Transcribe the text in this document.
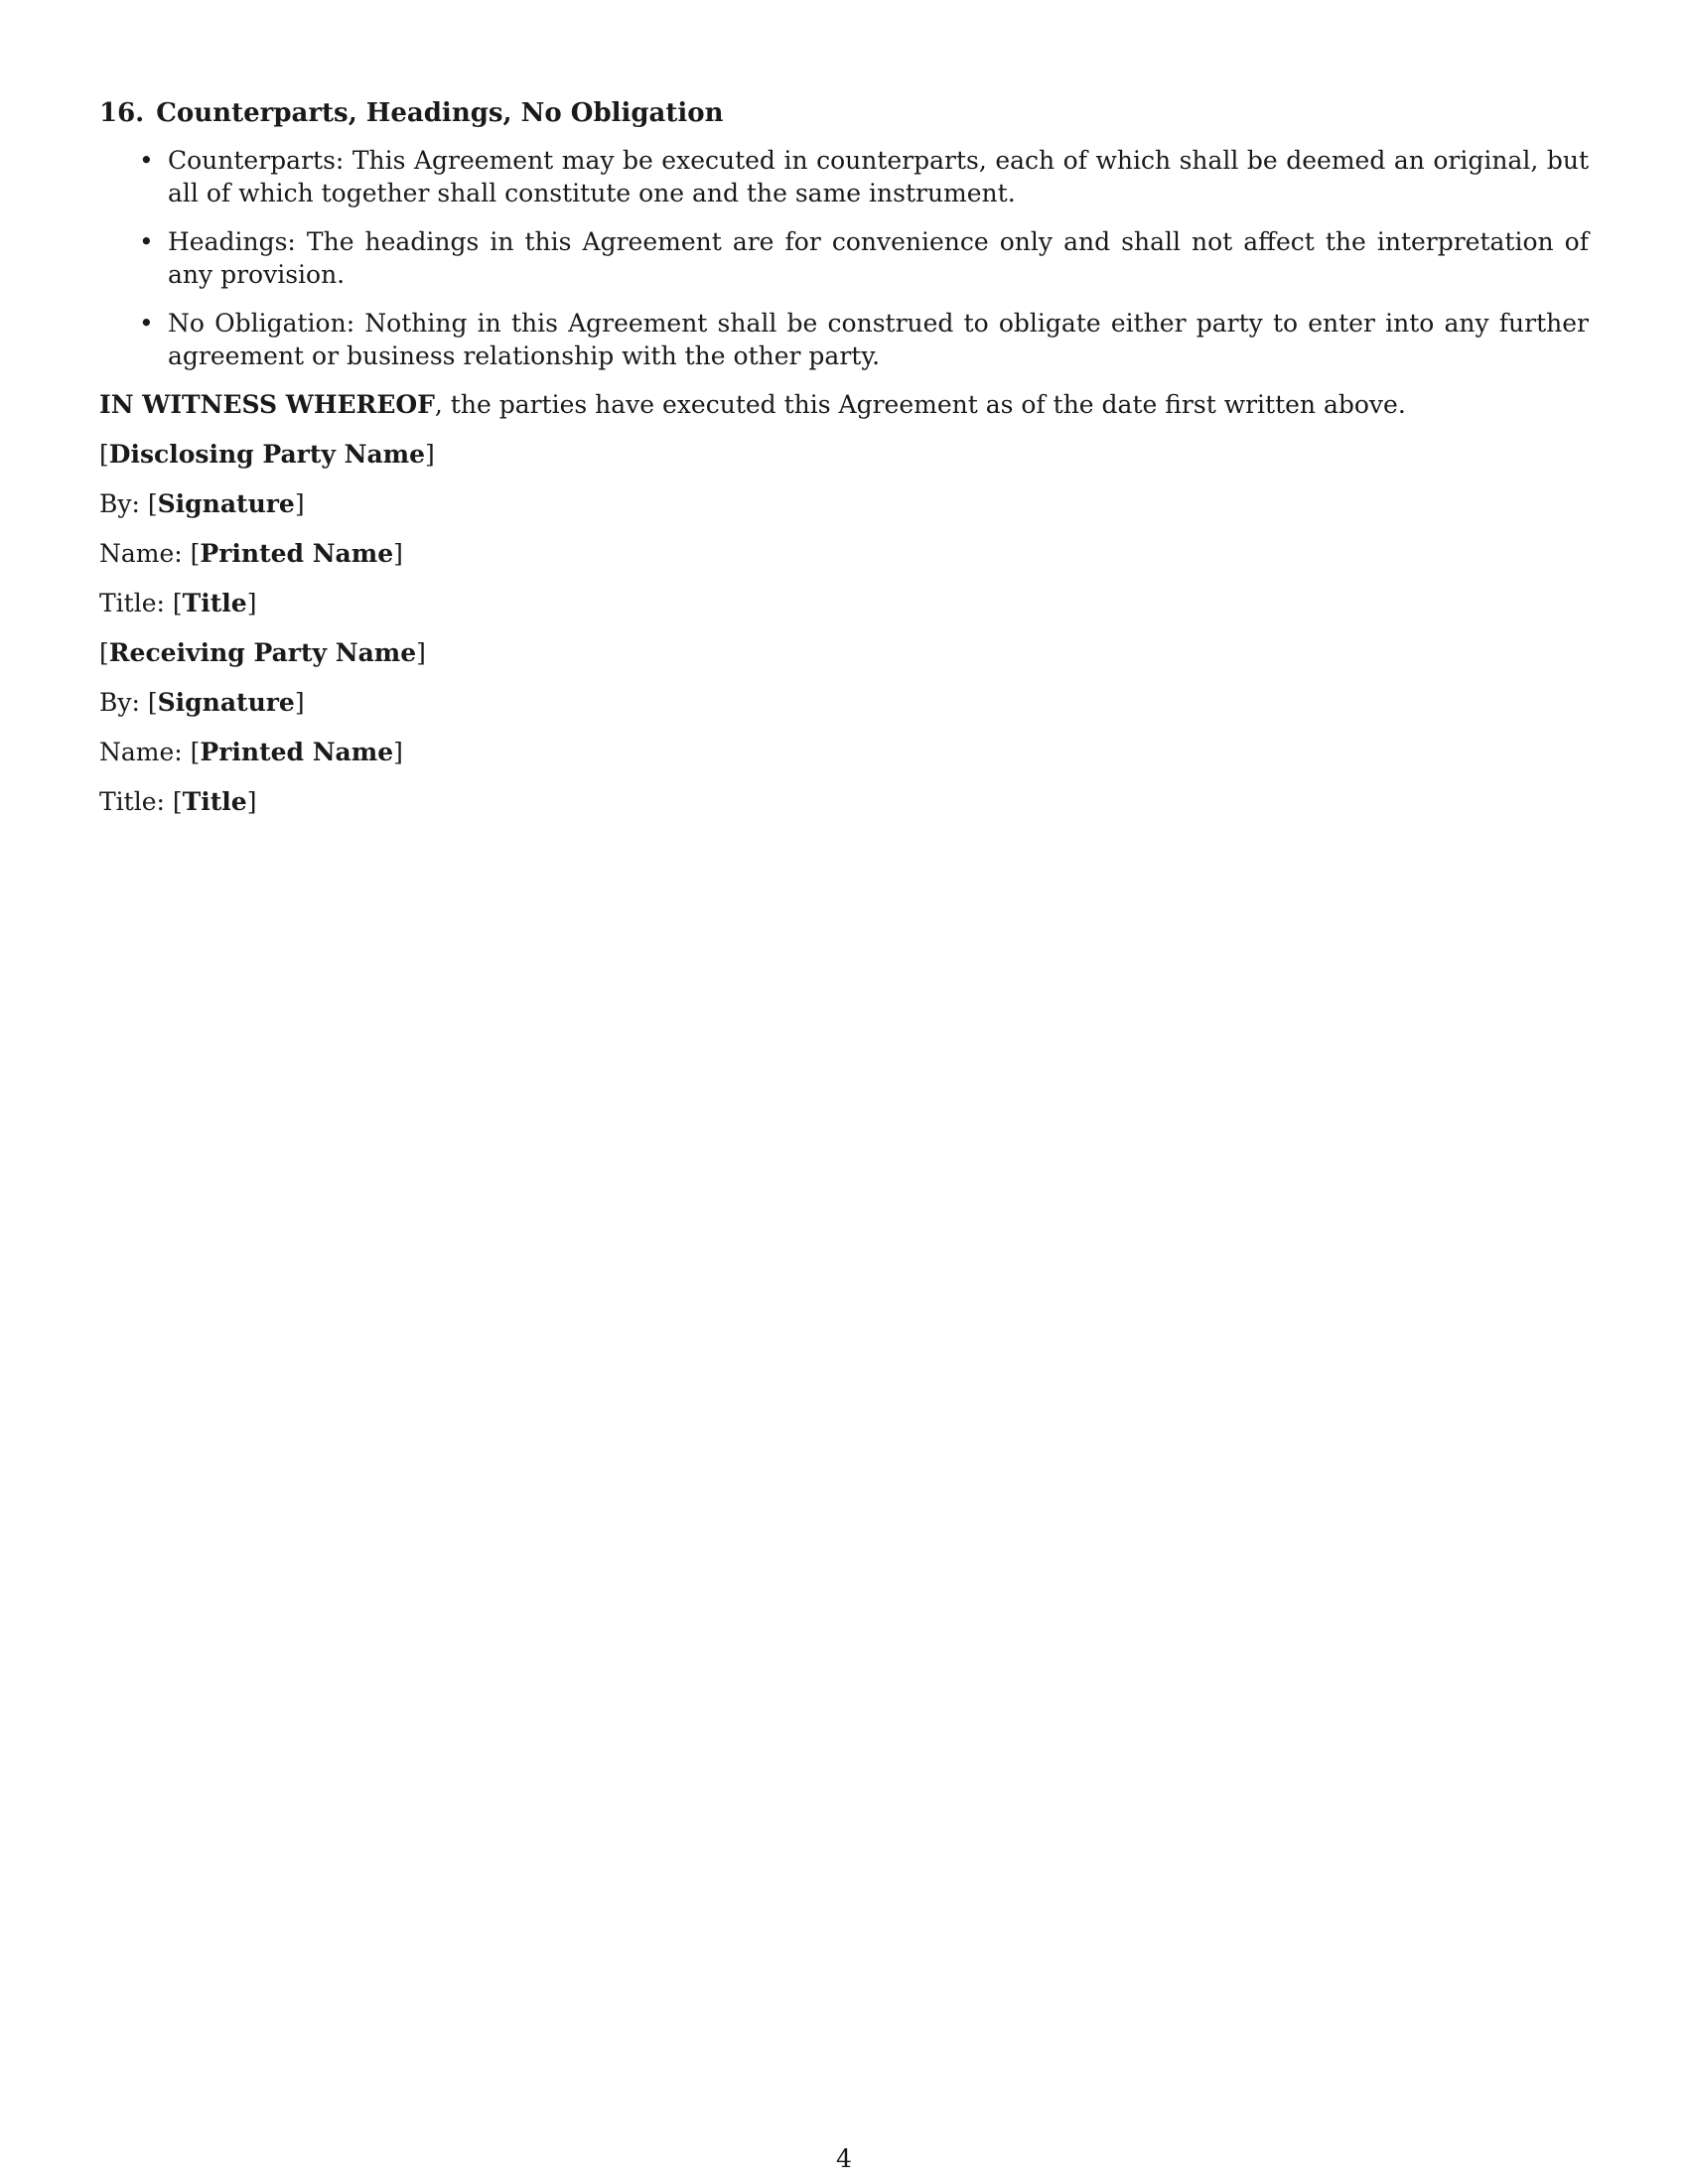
16. Counterparts, Headings, No Obligation
• Counterparts: This Agreement may be executed in counterparts, each of which shall be deemed an original, but all of which together shall constitute one and the same instrument.
• Headings: The headings in this Agreement are for convenience only and shall not affect the interpretation of any provision.
• No Obligation: Nothing in this Agreement shall be construed to obligate either party to enter into any further agreement or business relationship with the other party.

IN WITNESS WHEREOF, the parties have executed this Agreement as of the date first written above.

[Disclosing Party Name]

By: [Signature]

Name: [Printed Name]

Title: [Title]

[Receiving Party Name]

By: [Signature]

Name: [Printed Name]

Title: [Title]

4
